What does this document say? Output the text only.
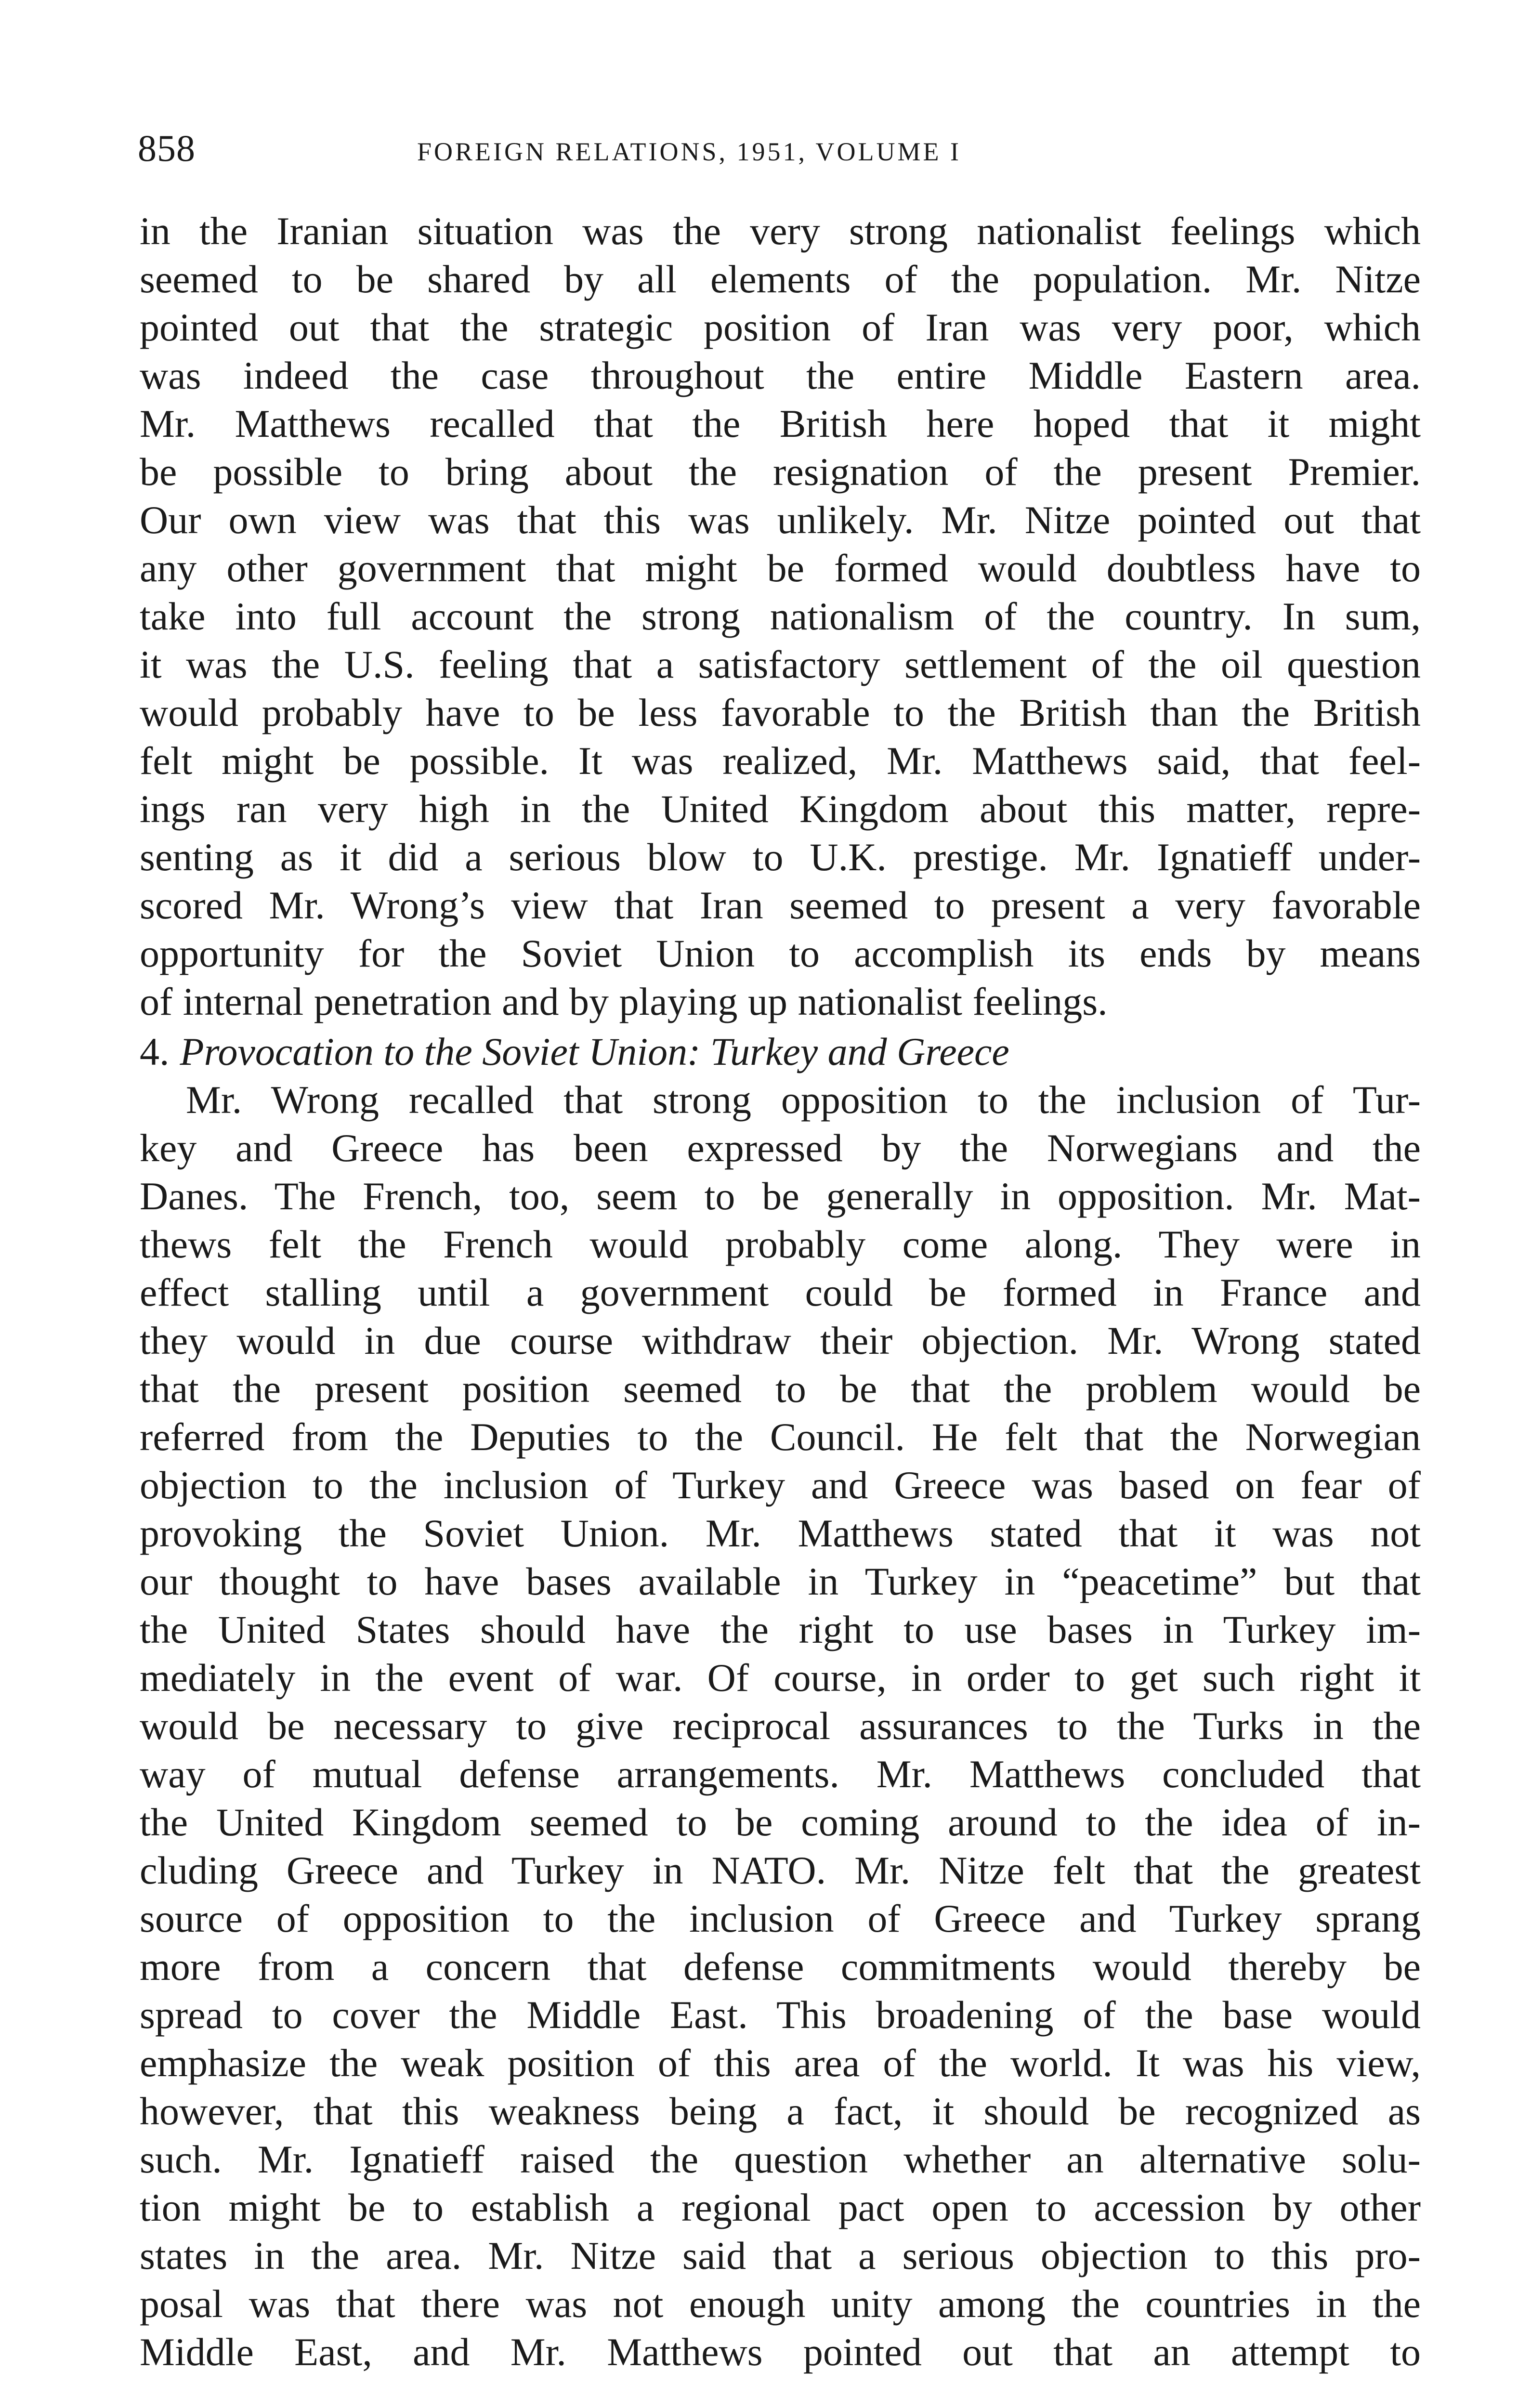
858	FOREIGN RELATIONS, 1951, VOLUME I
in the Iranian situation was the very strong nationalist feelings which
seemed to be shared by all elements of the population. Mr. Nitze
pointed out that the strategic position of Iran was very poor, which
was indeed the case throughout the entire Middle Eastern area.
Mr. Matthews recalled that the British here hoped that it might
be possible to bring about the resignation of the present Premier.
Our own view was that this was unlikely. Mr. Nitze pointed out that
any other government that might be formed would doubtless have to
take into full account the strong nationalism of the country. In sum,
it was the U.S. feeling that a satisfactory settlement of the oil question
would probably have to be less favorable to the British than the British
felt might be possible. It was realized, Mr. Matthews said, that feel-
ings ran very high in the United Kingdom about this matter, repre-
senting as it did a serious blow to U.K. prestige. Mr. Ignatieff under-
scored Mr. Wrong’s view that Iran seemed to present a very favorable
opportunity for the Soviet Union to accomplish its ends by means
of internal penetration and by playing up nationalist feelings.
4. Provocation to the Soviet Union: Turkey and Greece
Mr. Wrong recalled that strong opposition to the inclusion of Tur-
key and Greece has been expressed by the Norwegians and the
Danes. The French, too, seem to be generally in opposition. Mr. Mat-
thews felt the French would probably come along. They were in
effect stalling until a government could be formed in France and
they would in due course withdraw their objection. Mr. Wrong stated
that the present position seemed to be that the problem would be
referred from the Deputies to the Council. He felt that the Norwegian
objection to the inclusion of Turkey and Greece was based on fear of
provoking the Soviet Union. Mr. Matthews stated that it was not
our thought to have bases available in Turkey in “peacetime” but that
the United States should have the right to use bases in Turkey im-
mediately in the event of war. Of course, in order to get such right it
would be necessary to give reciprocal assurances to the Turks in the
way of mutual defense arrangements. Mr. Matthews concluded that
the United Kingdom seemed to be coming around to the idea of in-
cluding Greece and Turkey in NATO. Mr. Nitze felt that the greatest
source of opposition to the inclusion of Greece and Turkey sprang
more from a concern that defense commitments would thereby be
spread to cover the Middle East. This broadening of the base would
emphasize the weak position of this area of the world. It was his view,
however, that this weakness being a fact, it should be recognized as
such. Mr. Ignatieff raised the question whether an alternative solu-
tion might be to establish a regional pact open to accession by other
states in the area. Mr. Nitze said that a serious objection to this pro-
posal was that there was not enough unity among the countries in the
Middle East, and Mr. Matthews pointed out that an attempt to
